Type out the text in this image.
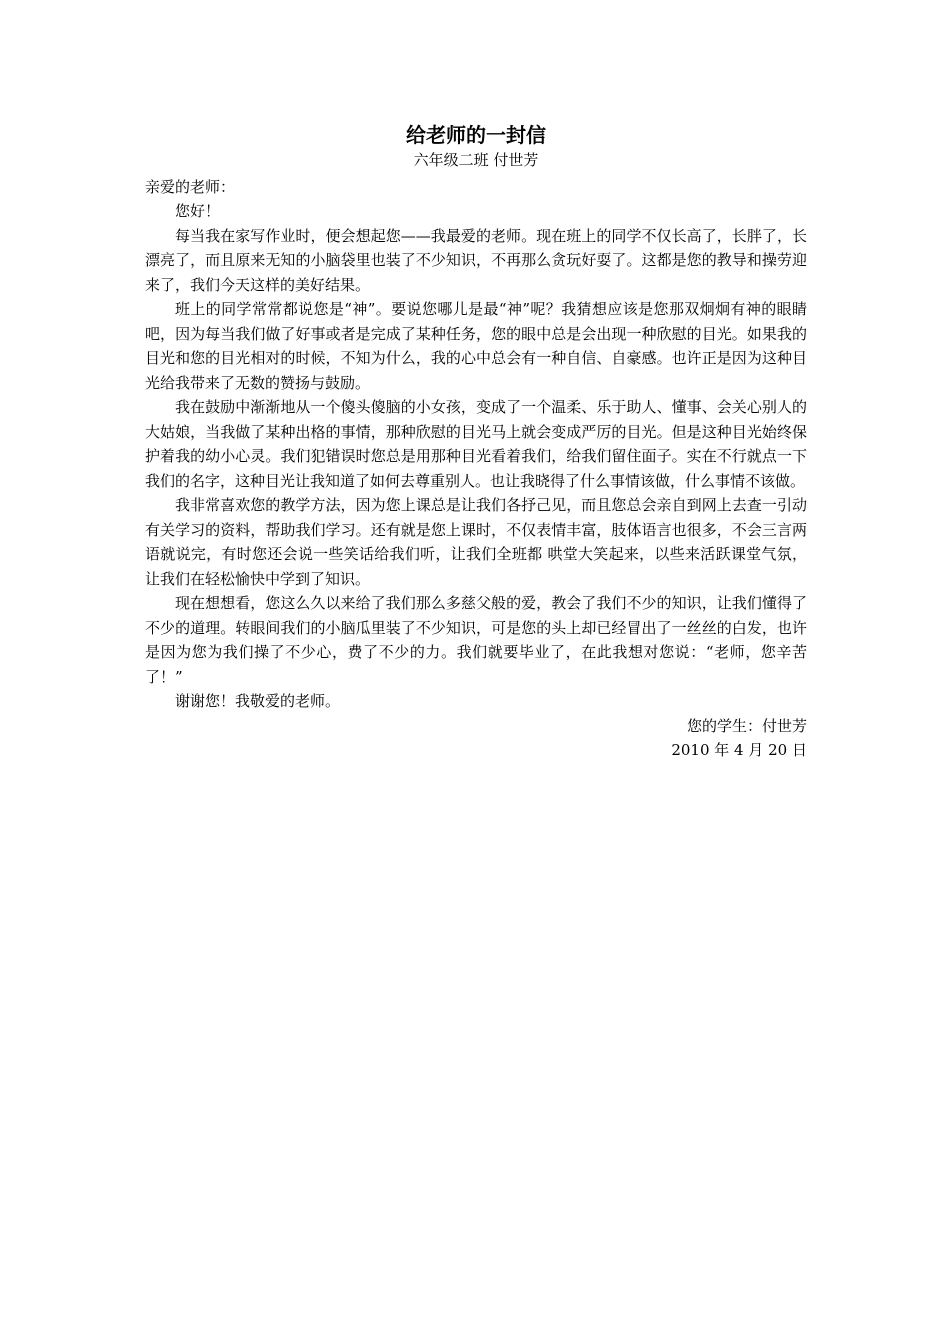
给老师的一封信

六年级二班 付世芳

亲爱的老师：

您好！

每当我在家写作业时，便会想起您——我最爱的老师。现在班上的同学不仅长高了，长胖了，长漂亮了，而且原来无知的小脑袋里也装了不少知识，不再那么贪玩好耍了。这都是您的教导和操劳迎来了，我们今天这样的美好结果。

班上的同学常常都说您是“神”。要说您哪儿是最“神”呢？我猜想应该是您那双炯炯有神的眼睛吧，因为每当我们做了好事或者是完成了某种任务，您的眼中总是会出现一种欣慰的目光。如果我的目光和您的目光相对的时候，不知为什么，我的心中总会有一种自信、自豪感。也许正是因为这种目光给我带来了无数的赞扬与鼓励。

我在鼓励中渐渐地从一个傻头傻脑的小女孩，变成了一个温柔、乐于助人、懂事、会关心别人的大姑娘，当我做了某种出格的事情，那种欣慰的目光马上就会变成严厉的目光。但是这种目光始终保护着我的幼小心灵。我们犯错误时您总是用那种目光看着我们，给我们留住面子。实在不行就点一下我们的名字，这种目光让我知道了如何去尊重别人。也让我晓得了什么事情该做，什么事情不该做。

我非常喜欢您的教学方法，因为您上课总是让我们各抒己见，而且您总会亲自到网上去查一引动有关学习的资料，帮助我们学习。还有就是您上课时，不仅表情丰富，肢体语言也很多，不会三言两语就说完，有时您还会说一些笑话给我们听，让我们全班都 哄堂大笑起来，以些来活跃课堂气氛，让我们在轻松愉快中学到了知识。

现在想想看，您这么久以来给了我们那么多慈父般的爱，教会了我们不少的知识，让我们懂得了不少的道理。转眼间我们的小脑瓜里装了不少知识，可是您的头上却已经冒出了一丝丝的白发，也许是因为您为我们操了不少心，费了不少的力。我们就要毕业了，在此我想对您说：“老师，您辛苦了！”

谢谢您！我敬爱的老师。

您的学生：付世芳

2010 年 4 月 20 日
